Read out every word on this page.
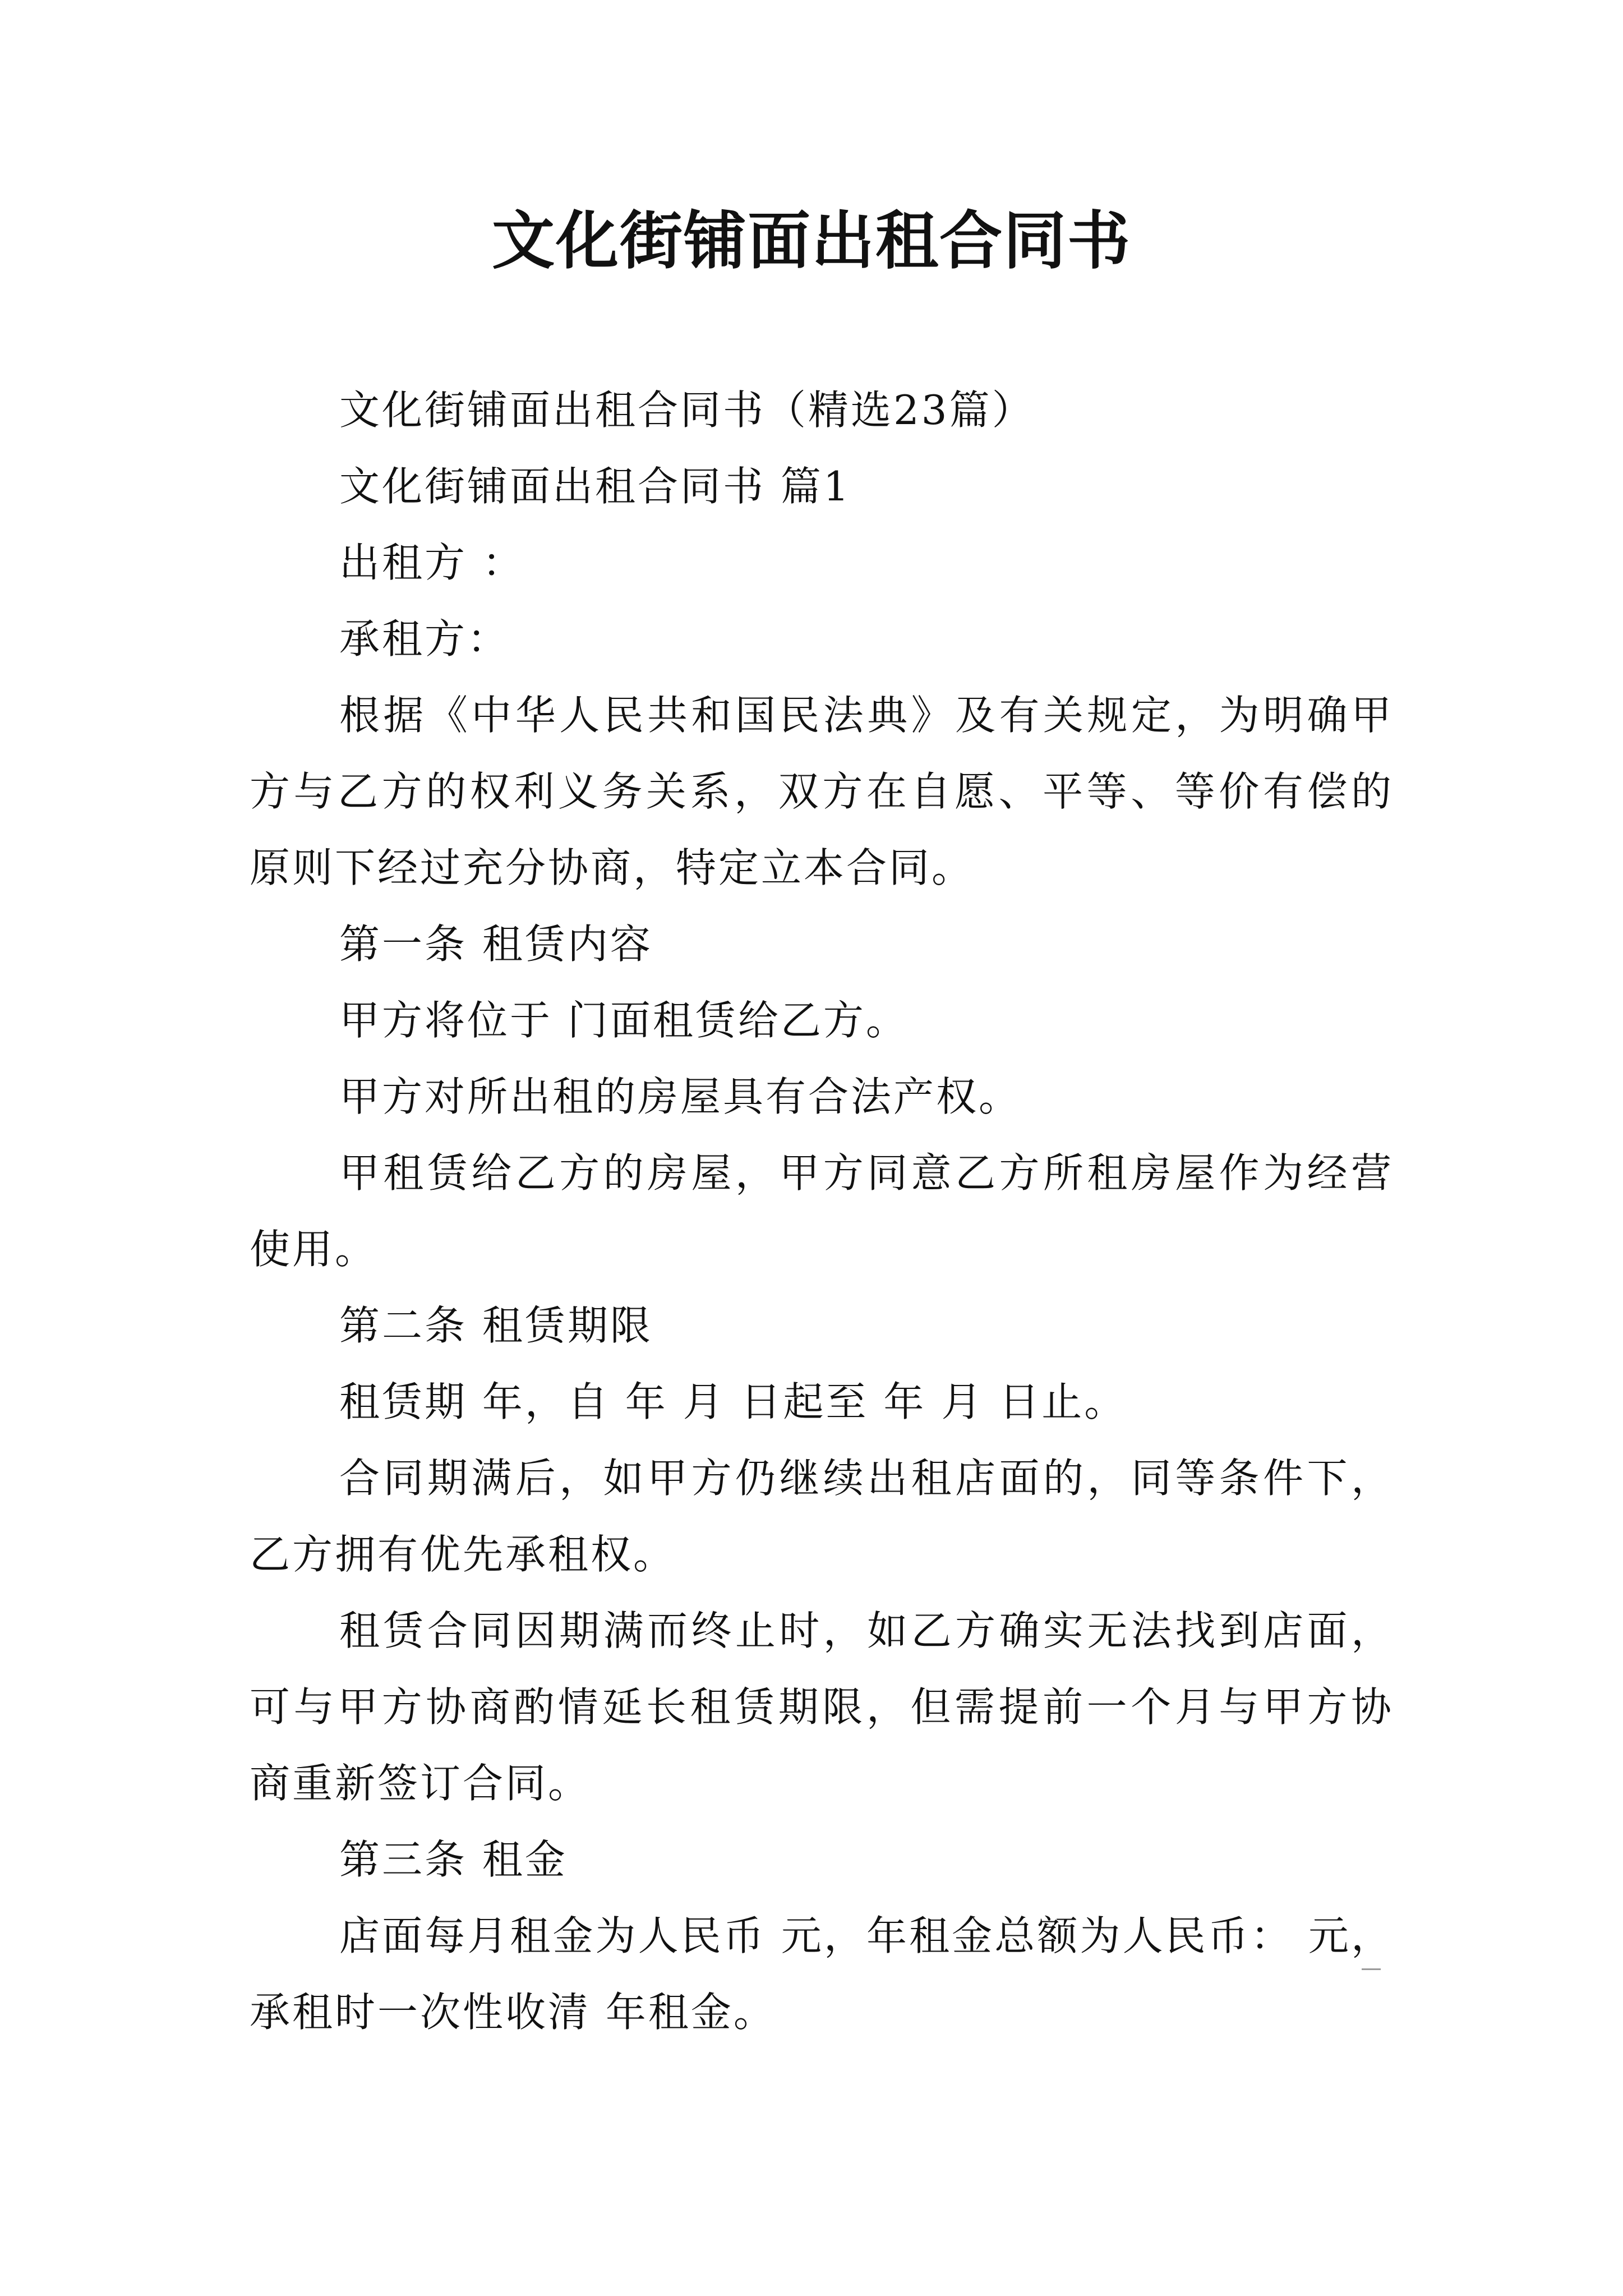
文化街铺面出租合同书

文化街铺面出租合同书（精选23篇）

文化街铺面出租合同书 篇1

出租方 ：

承租方：

根据《中华人民共和国民法典》及有关规定，为明确甲方与乙方的权利义务关系，双方在自愿、平等、等价有偿的原则下经过充分协商，特定立本合同。

第一条 租赁内容

甲方将位于 门面租赁给乙方。

甲方对所出租的房屋具有合法产权。

甲租赁给乙方的房屋，甲方同意乙方所租房屋作为经营使用。

第二条 租赁期限

租赁期 年，自 年 月 日起至 年 月 日止。

合同期满后，如甲方仍继续出租店面的，同等条件下，乙方拥有优先承租权。

租赁合同因期满而终止时，如乙方确实无法找到店面，可与甲方协商酌情延长租赁期限，但需提前一个月与甲方协商重新签订合同。

第三条 租金

店面每月租金为人民币 元，年租金总额为人民币： 元，承租时一次性收清 年租金。
